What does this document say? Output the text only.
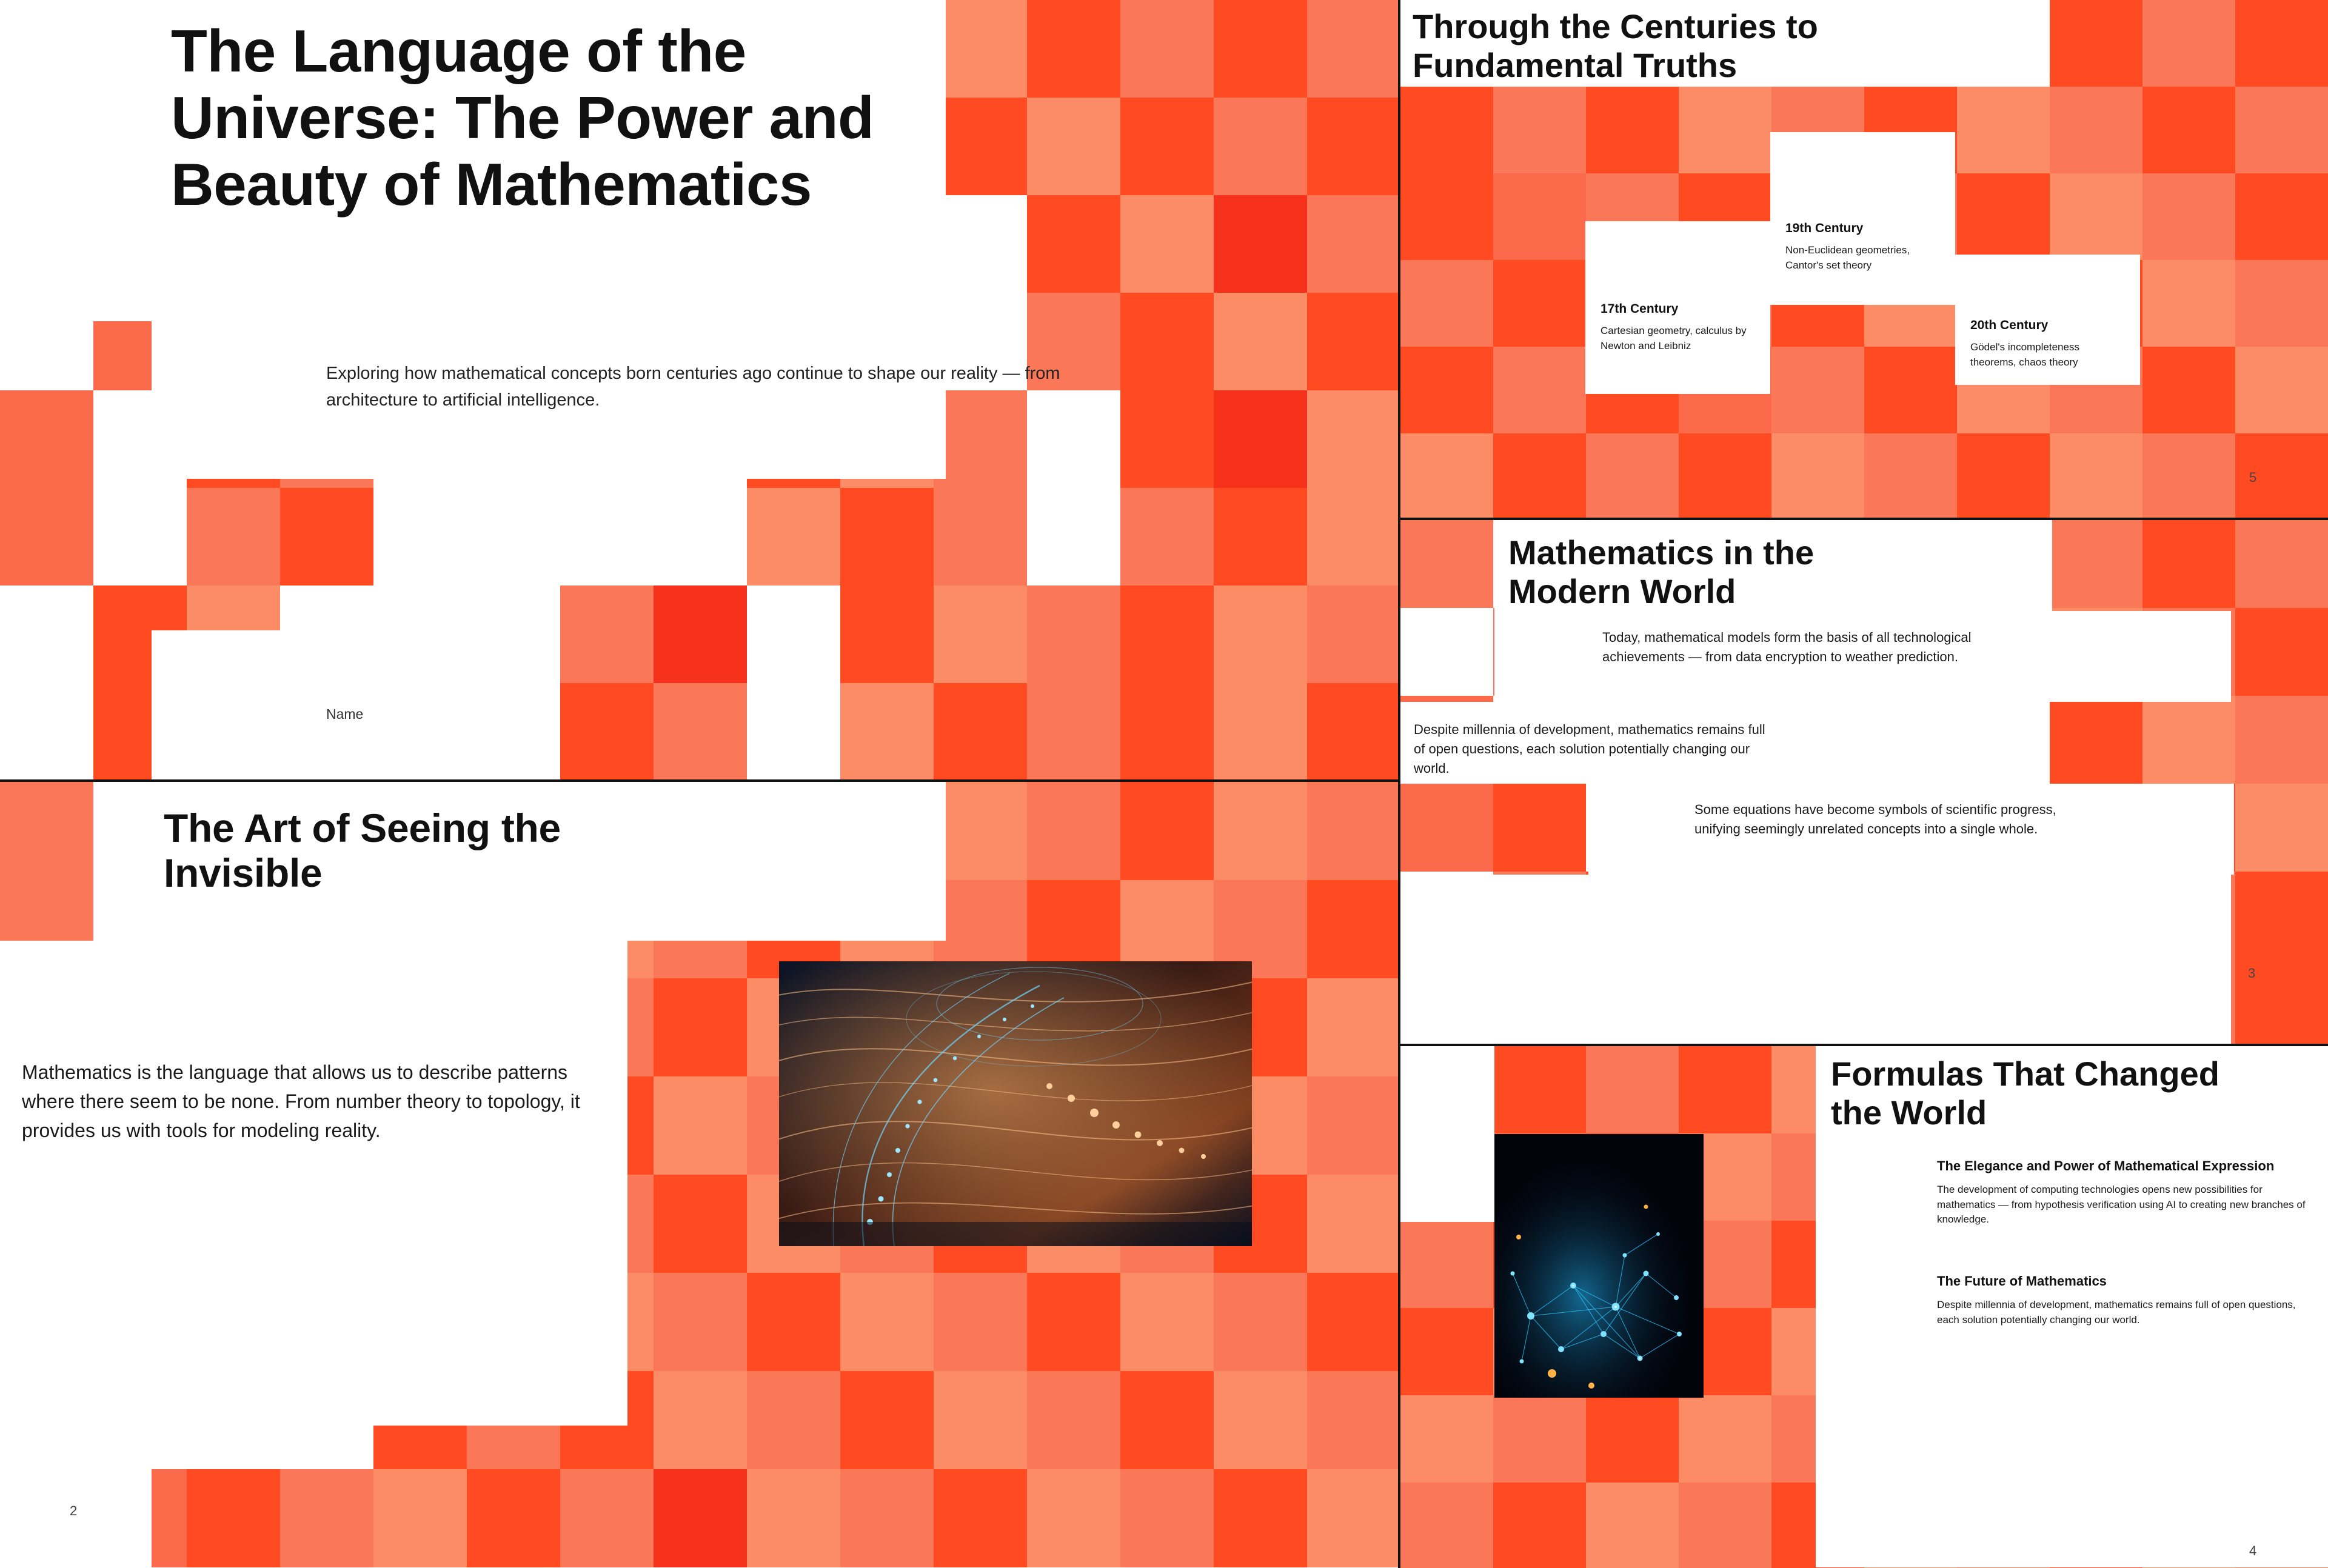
The Language of the Universe: The Power and Beauty of Mathematics

Exploring how mathematical concepts born centuries ago continue to shape our reality — from architecture to artificial intelligence.

Name

The Art of Seeing the Invisible

Mathematics is the language that allows us to describe patterns where there seem to be none. From number theory to topology, it provides us with tools for modeling reality.

2
Through the Centuries to Fundamental Truths
17th Century
Cartesian geometry, calculus by Newton and Leibniz
19th Century
Non-Euclidean geometries, Cantor's set theory
20th Century
Gödel's incompleteness theorems, chaos theory
5
Mathematics in the Modern World

Today, mathematical models form the basis of all technological achievements — from data encryption to weather prediction.

Despite millennia of development, mathematics remains full of open questions, each solution potentially changing our world.

Some equations have become symbols of scientific progress, unifying seemingly unrelated concepts into a single whole.

3
Formulas That Changed the World
The Elegance and Power of Mathematical Expression
The development of computing technologies opens new possibilities for mathematics — from hypothesis verification using AI to creating new branches of knowledge.
The Future of Mathematics
Despite millennia of development, mathematics remains full of open questions, each solution potentially changing our world.
4
